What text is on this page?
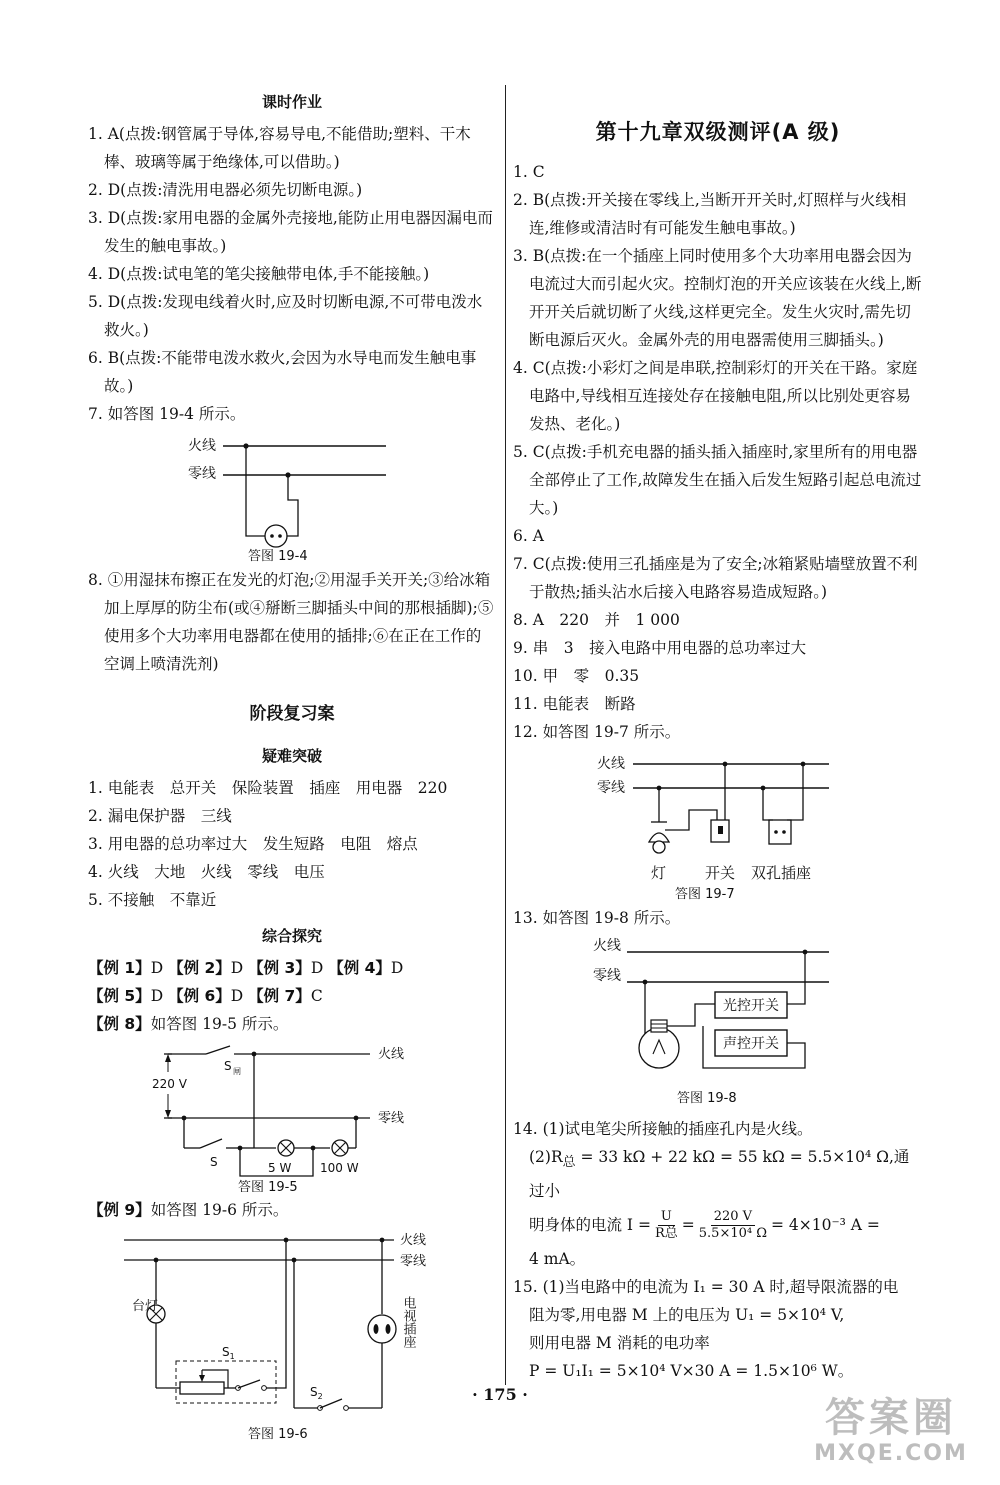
课时作业
1. A(点拨:钢管属于导体,容易导电,不能借助;塑料、干木棒、玻璃等属于绝缘体,可以借助。)
2. D(点拨:清洗用电器必须先切断电源。)
3. D(点拨:家用电器的金属外壳接地,能防止用电器因漏电而发生的触电事故。)
4. D(点拨:试电笔的笔尖接触带电体,手不能接触。)
5. D(点拨:发现电线着火时,应及时切断电源,不可带电泼水救火。)
6. B(点拨:不能带电泼水救火,会因为水导电而发生触电事故。)
7. 如答图 19-4 所示。
火线
零线
答图 19-4
8. ①用湿抹布擦正在发光的灯泡;②用湿手关开关;③给冰箱加上厚厚的防尘布(或④掰断三脚插头中间的那根插脚);⑤使用多个大功率用电器都在使用的插排;⑥在正在工作的空调上喷清洗剂)
阶段复习案
疑难突破
1. 电能表　总开关　保险装置　插座　用电器　220
2. 漏电保护器　三线
3. 用电器的总功率过大　发生短路　电阻　熔点
4. 火线　大地　火线　零线　电压
5. 不接触　不靠近
综合探究
【例 1】D 【例 2】D 【例 3】D 【例 4】D
【例 5】D 【例 6】D 【例 7】C
【例 8】如答图 19-5 所示。
220 V
S 闸
火线
零线
S	5 W 100 W
答图 19-5
【例 9】如答图 19-6 所示。
火线
零线
台灯
$S_1$
$S_2$
电视插座
答图 19-6
第十九章双级测评(A 级)
1. C
2. B(点拨:开关接在零线上,当断开开关时,灯照样与火线相连,维修或清洁时有可能发生触电事故。)
3. B(点拨:在一个插座上同时使用多个大功率用电器会因为电流过大而引起火灾。控制灯泡的开关应该装在火线上,断开开关后就切断了火线,这样更完全。发生火灾时,需先切断电源后灭火。金属外壳的用电器需使用三脚插头。)
4. C(点拨:小彩灯之间是串联,控制彩灯的开关在干路。家庭电路中,导线相互连接处存在接触电阻,所以比别处更容易发热、老化。)
5. C(点拨:手机充电器的插头插入插座时,家里所有的用电器全部停止了工作,故障发生在插入后发生短路引起总电流过大。)
6. A
7. C(点拨:使用三孔插座是为了安全;冰箱紧贴墙壁放置不利于散热;插头沾水后接入电路容易造成短路。)
8. A　220　并　1 000
9. 串　3　接入电路中用电器的总功率过大
10. 甲　零　0.35
11. 电能表　断路
12. 如答图 19-7 所示。
火线
零线
灯	开关 双孔插座
答图 19-7
13. 如答图 19-8 所示。
火线
零线
光控开关
声控开关
答图 19-8
14. (1)试电笔尖所接触的插座孔内是火线。
$(2)R_总 = 33$ kΩ + 22 kΩ = 55 kΩ = 5.5×10⁴ Ω,通过小
明身体的电流 I = U
R总 = $\frac{220 V}{\text{5.5×10⁴ Ω}} = 4\times 10^{-3}$ A =
4 mA。
15. (1)当电路中的电流为 I₁ = 30 A 时,超导限流器的电
阻为零,用电器 M 上的电压为 U₁ = 5×10⁴ V,
则用电器 M 消耗的电功率
P = U₁I₁ = 5×10⁴ V×30 A = 1.5×10⁶ W。
· 175 ·
答案圈
MXQE.COM
